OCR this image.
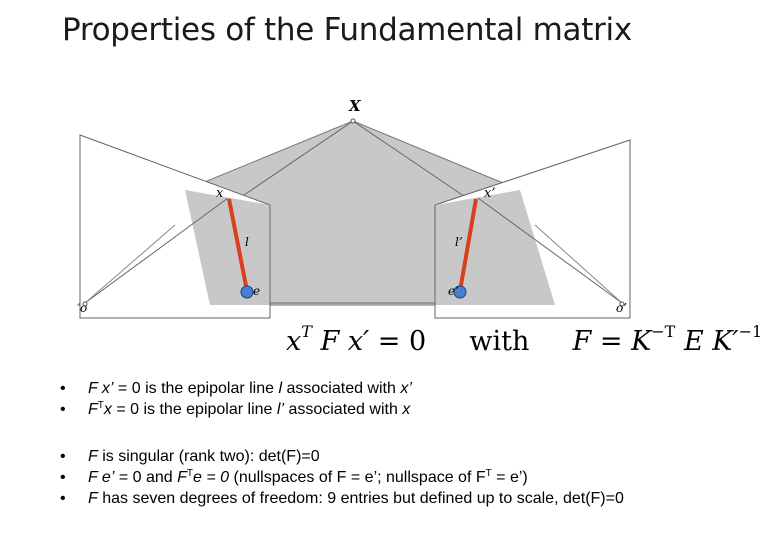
Properties of the Fundamental matrix
X
x	x’
l	l’
e	e’
o	o’
$x^T$ F x′ = 0 with $F = K^{-T}$ E $K'^{-1}$
• F x’ = 0 is the epipolar line l associated with x’
• $F^Tx = 0$ is the epipolar line l’ associated with x
• F is singular (rank two): det(F)=0
• F e’ = 0 and $F^Te = 0$ (nullspaces of F = e’; nullspace of $F^T$ = e’)
• F has seven degrees of freedom: 9 entries but defined up to scale, det(F)=0
